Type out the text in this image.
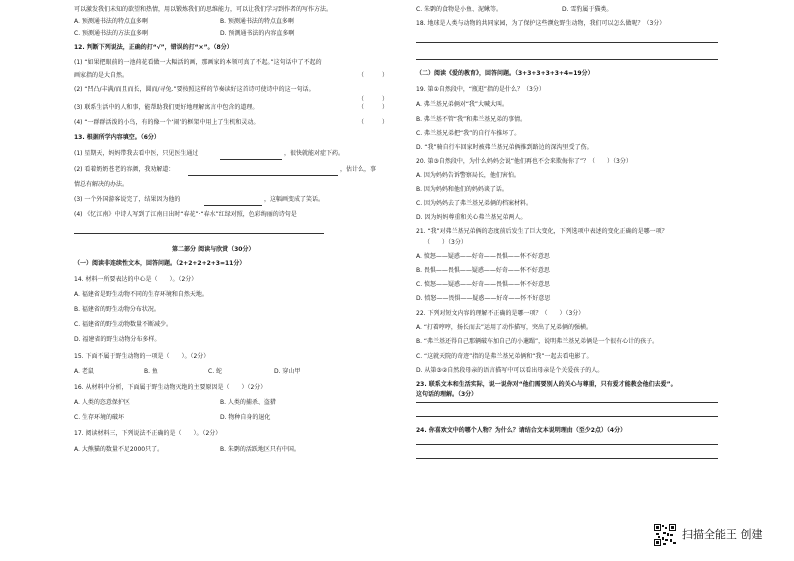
可以激发我们未知的欲望和热情，用以锻炼我们的思维能力，可以让我们学习到作者的写作方法。
A. 预测通书法的特点直多啊	B. 预测通书法的特点直多啊
C. 预测通书法的方法直多啊	D. 预测通书法的内容直多啊
12. 判断下列说法，正确的打“√”，错误的打“×”。（8分）
(1) “如果把眼前的一池荷花看做一大幅活的画，那画家的本领可真了不起。”这句话中了不起的
画家指的是大自然。	（　　　）
(2) “凹凸/丰满/而且而长，圆而/寻兔.”要按照这样的节奏读好这首诗可使诗中的这一句话。
（　　　）
(3) 联系生活中的人和事，能帮助我们更好地理解寓言中包含的道理。	（　　　）
(4) “一群群活泼的小鸟，有的像一个‘闹’的框架中用上了生机和灵动。	（　　　）
13. 根据所学内容填空。（6分）
(1) 星期天，妈妈带我去看中医，只见医生通过	，很快就能对症下药。
(2) 看着奶奶苍老的容颜，我劝解道：	，估计么，事
情总有解决的办法。
(3) 一个外国游客说完了，结果因为他的	，这幅画变成了笑话。
(4) 《忆江南》中诗人写到了江南日出时“春花”·“春水”红绿对照，色彩绚丽的诗句是
第二部分 阅读与欣赏（30分）
（一）阅读非连续性文本，回答问题。（2+2+2+2+3=11分）
14. 材料一所要表达的中心是（　　）。（2分）
A. 福建省是野生动物不同的生存环境和自然天地。
B. 福建省的野生动物分布状况。
C. 福建省的野生动物数量不断减少。
D. 福建省的野生动物分布多样。
15. 下面不属于野生动物的一项是（　　）。（2分）
A. 老鼠	B. 鱼	C. 蛇	D. 穿山甲
16. 从材料中分析，下面属于野生动物灭绝的主要原因是（　　）（2分）
A. 人类的恣意保护区	B. 人类的捕杀、盗猎
C. 生存环境的破坏	D. 物种自身的退化
17. 阅读材料三，下列说法不正确的是（　　）。（2分）
A. 大熊猫的数量不足2000只了。	B. 朱鹮的活跃地区只有中国。
C. 朱鹮的食物是小鱼、泥鳅等。	D. 雪豹属于猫类。
18. 地球是人类与动物的共同家园，为了保护这些濒危野生动物，我们可以怎么做呢？（3分）
（二）阅读《爱的教育》，回答问题。（3+3+3+3+3+4=19分）
19. 第①自然段中，“瓶逛”指的是什么？（3分）
A. 弗兰基兄弟俩对“我”大喊大叫。
B. 弗兰基不管“我”和弗兰基兄弟的事情。
C. 弗兰基兄弟把“我”的自行车推坏了。
D. “我”骑自行车回家时被弗兰基兄弟俩推到路边的深沟里受了伤。
20. 第③自然段中，为什么妈妈会说“他们再也不会来欺侮你了”？（　　）（3分）
A. 因为妈妈告诉警察局长，他们害怕。
B. 因为妈妈和他们的妈妈谈了话。
C. 因为妈妈去了弗兰基兄弟俩的档案材料。
D. 因为妈妈尊重和关心弗兰基兄弟两人。
21. “我”对弗兰基兄弟俩的态度前后发生了巨大变化，下列选项中表述的变化正确的是哪一项？
（　　）（3分）
A. 愤怒——疑惑——好奇——畏惧——怀不好意思
B. 畏惧——畏惧——疑惑——好奇——怀不好意思
C. 愤怒——疑惑——好奇——畏惧——怀不好意思
D. 愤怒——畏惧——疑惑——好奇——怀不好意思
22. 下列对短文内容的理解不正确的是哪一项？（　　）（3分）
A. “打着哼哼，扬长而去”运用了动作描写，突出了兄弟俩的强横。
B. “弗兰基还得自己那辆破车加自己的小邋蹋”，说明弗兰基兄弟俩是一个很有心计的孩子。
C. “这就天院的奇迹”指的是弗兰基兄弟俩和“我”一起去看电影了。
D. 从第③②自然段母亲的语言描写中可以看出母亲是个关爱孩子的人。
23. 联系文本和生活实际，说一说你对“他们需要别人的关心与尊重，只有爱才能教会他们去爱”。
这句话的理解。（3分）
24. 你喜欢文中的哪个人物？为什么？请结合文本说明理由（至少2点）（4分）
扫描全能王 创建
